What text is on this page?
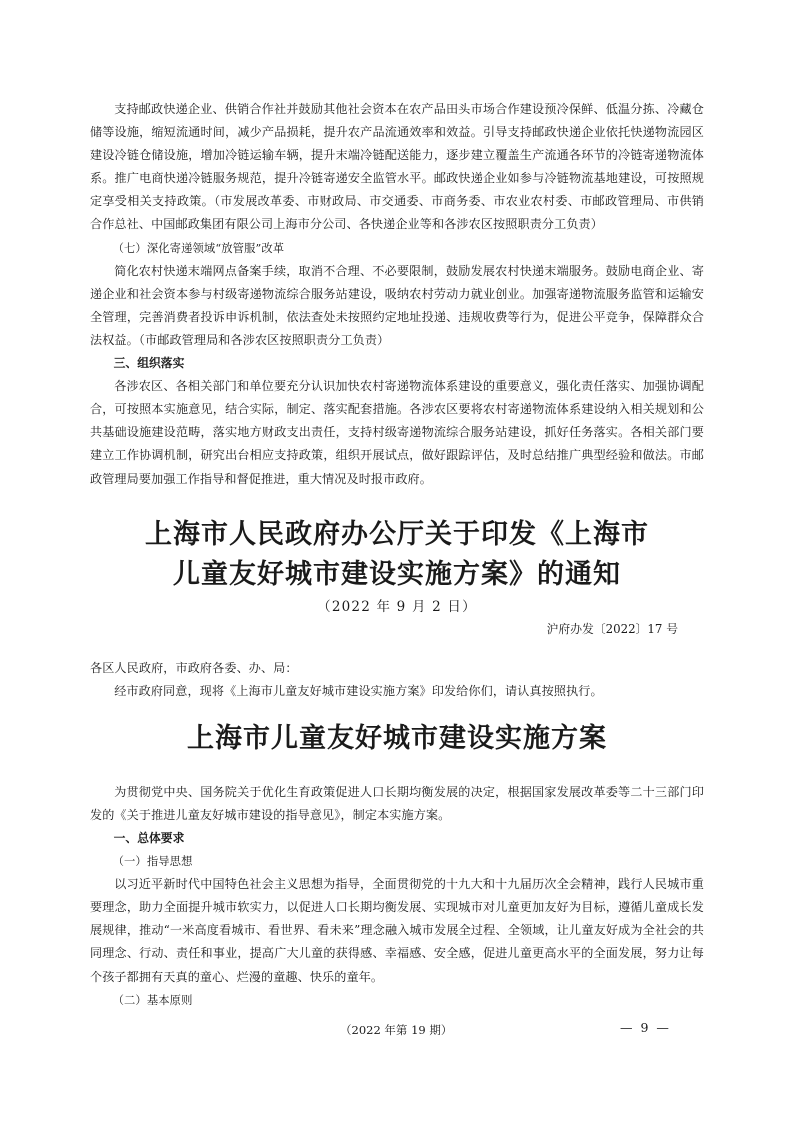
支持邮政快递企业、供销合作社并鼓励其他社会资本在农产品田头市场合作建设预冷保鲜、低温分拣、冷藏仓储等设施，缩短流通时间，减少产品损耗，提升农产品流通效率和效益。引导支持邮政快递企业依托快递物流园区建设冷链仓储设施，增加冷链运输车辆，提升末端冷链配送能力，逐步建立覆盖生产流通各环节的冷链寄递物流体系。推广电商快递冷链服务规范，提升冷链寄递安全监管水平。邮政快递企业如参与冷链物流基地建设，可按照规定享受相关支持政策。（市发展改革委、市财政局、市交通委、市商务委、市农业农村委、市邮政管理局、市供销合作总社、中国邮政集团有限公司上海市分公司、各快递企业等和各涉农区按照职责分工负责）

（七）深化寄递领域“放管服”改革

简化农村快递末端网点备案手续，取消不合理、不必要限制，鼓励发展农村快递末端服务。鼓励电商企业、寄递企业和社会资本参与村级寄递物流综合服务站建设，吸纳农村劳动力就业创业。加强寄递物流服务监管和运输安全管理，完善消费者投诉申诉机制，依法查处未按照约定地址投递、违规收费等行为，促进公平竞争，保障群众合法权益。（市邮政管理局和各涉农区按照职责分工负责）

三、组织落实

各涉农区、各相关部门和单位要充分认识加快农村寄递物流体系建设的重要意义，强化责任落实、加强协调配合，可按照本实施意见，结合实际，制定、落实配套措施。各涉农区要将农村寄递物流体系建设纳入相关规划和公共基础设施建设范畴，落实地方财政支出责任，支持村级寄递物流综合服务站建设，抓好任务落实。各相关部门要建立工作协调机制，研究出台相应支持政策，组织开展试点，做好跟踪评估，及时总结推广典型经验和做法。市邮政管理局要加强工作指导和督促推进，重大情况及时报市政府。

上海市人民政府办公厅关于印发《上海市

儿童友好城市建设实施方案》的通知

（2022 年 9 月 2 日）

沪府办发〔2022〕17 号

各区人民政府，市政府各委、办、局：

经市政府同意，现将《上海市儿童友好城市建设实施方案》印发给你们，请认真按照执行。

上海市儿童友好城市建设实施方案

为贯彻党中央、国务院关于优化生育政策促进人口长期均衡发展的决定，根据国家发展改革委等二十三部门印发的《关于推进儿童友好城市建设的指导意见》，制定本实施方案。

一、总体要求

（一）指导思想

以习近平新时代中国特色社会主义思想为指导，全面贯彻党的十九大和十九届历次全会精神，践行人民城市重要理念，助力全面提升城市软实力，以促进人口长期均衡发展、实现城市对儿童更加友好为目标，遵循儿童成长发展规律，推动“一米高度看城市、看世界、看未来”理念融入城市发展全过程、全领域，让儿童友好成为全社会的共同理念、行动、责任和事业，提高广大儿童的获得感、幸福感、安全感，促进儿童更高水平的全面发展，努力让每个孩子都拥有天真的童心、烂漫的童趣、快乐的童年。

（二）基本原则

（2022 年第 19 期）	— 9 —
